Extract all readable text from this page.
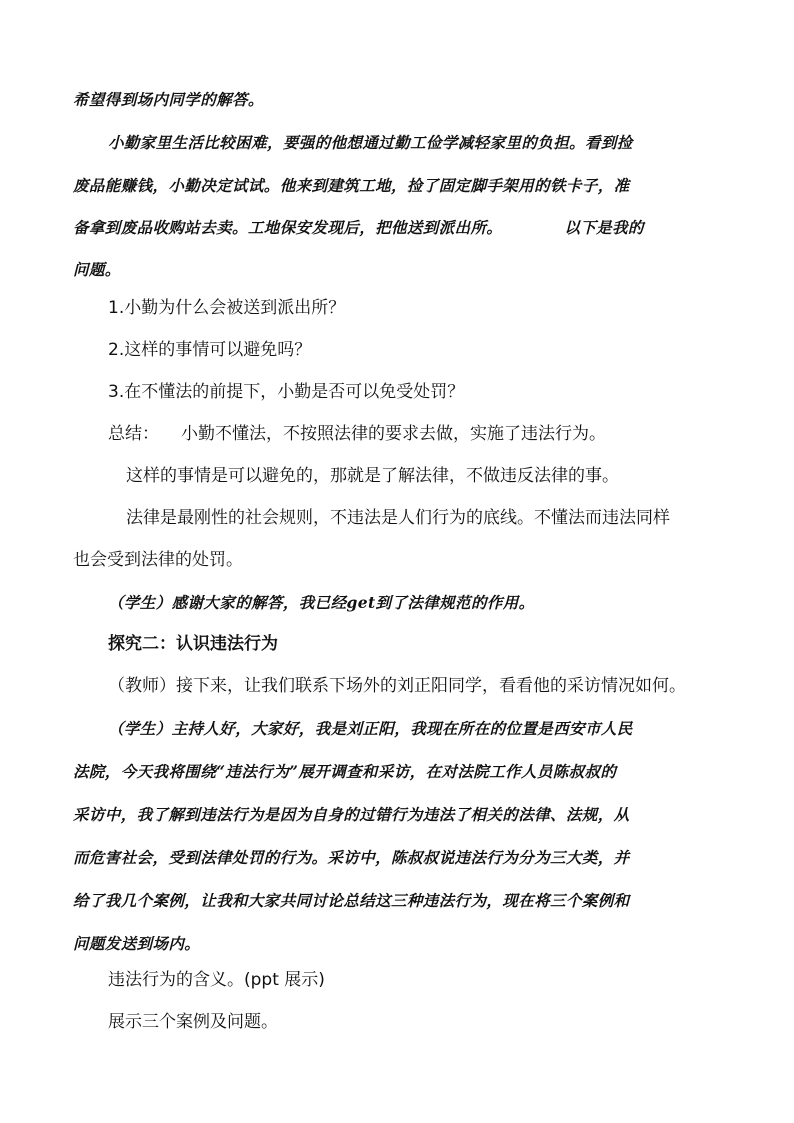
希望得到场内同学的解答。
小勤家里生活比较困难，要强的他想通过勤工俭学减轻家里的负担。看到捡
废品能赚钱，小勤决定试试。他来到建筑工地，捡了固定脚手架用的铁卡子，准
备拿到废品收购站去卖。工地保安发现后，把他送到派出所。	以下是我的
问题。
1.小勤为什么会被送到派出所？
2.这样的事情可以避免吗？
3.在不懂法的前提下，小勤是否可以免受处罚？
总结： 小勤不懂法，不按照法律的要求去做，实施了违法行为。
这样的事情是可以避免的，那就是了解法律，不做违反法律的事。
法律是最刚性的社会规则，不违法是人们行为的底线。不懂法而违法同样
也会受到法律的处罚。
（学生）感谢大家的解答，我已经get到了法律规范的作用。
探究二：认识违法行为
（教师）接下来，让我们联系下场外的刘正阳同学，看看他的采访情况如何。
（学生）主持人好，大家好，我是刘正阳，我现在所在的位置是西安市人民
法院，今天我将围绕“违法行为”展开调查和采访，在对法院工作人员陈叔叔的
采访中，我了解到违法行为是因为自身的过错行为违法了相关的法律、法规，从
而危害社会，受到法律处罚的行为。采访中，陈叔叔说违法行为分为三大类，并
给了我几个案例，让我和大家共同讨论总结这三种违法行为，现在将三个案例和
问题发送到场内。
违法行为的含义。(ppt 展示)
展示三个案例及问题。
